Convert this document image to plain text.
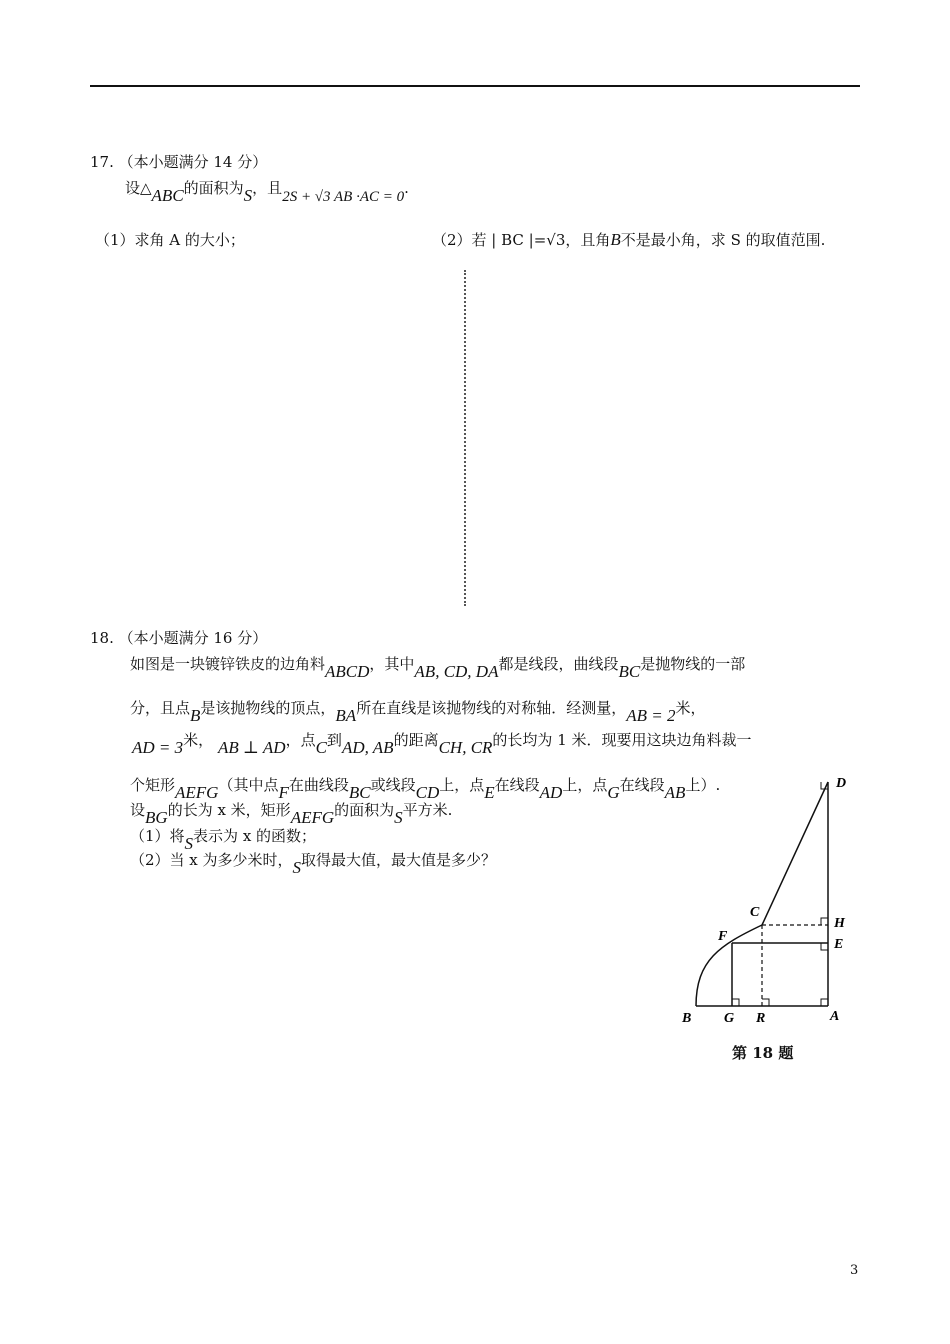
17. （本小题满分 14 分）
设△ABC的面积为S，且2S + √3 AB ·AC = 0.
（1）求角 A 的大小；	（2）若 | BC |=√3，且角B不是最小角，求 S 的取值范围.
18. （本小题满分 16 分）
如图是一块镀锌铁皮的边角料ABCD，其中AB, CD, DA都是线段，曲线段BC是抛物线的一部
分，且点B是该抛物线的顶点，BA所在直线是该抛物线的对称轴．经测量，AB = 2米，
AD = 3米， AB ⊥ AD，点C到AD, AB的距离CH, CR的长均为 1 米．现要用这块边角料裁一
个矩形AEFG（其中点F在曲线段BC或线段CD上，点E在线段AD上，点G在线段AB上）.
设BG的长为 x 米，矩形AEFG的面积为S平方米.
（1）将S表示为 x 的函数；
（2）当 x 为多少米时，S取得最大值，最大值是多少？
B G R	A
F
C
H
E
D
第 18 题
3
